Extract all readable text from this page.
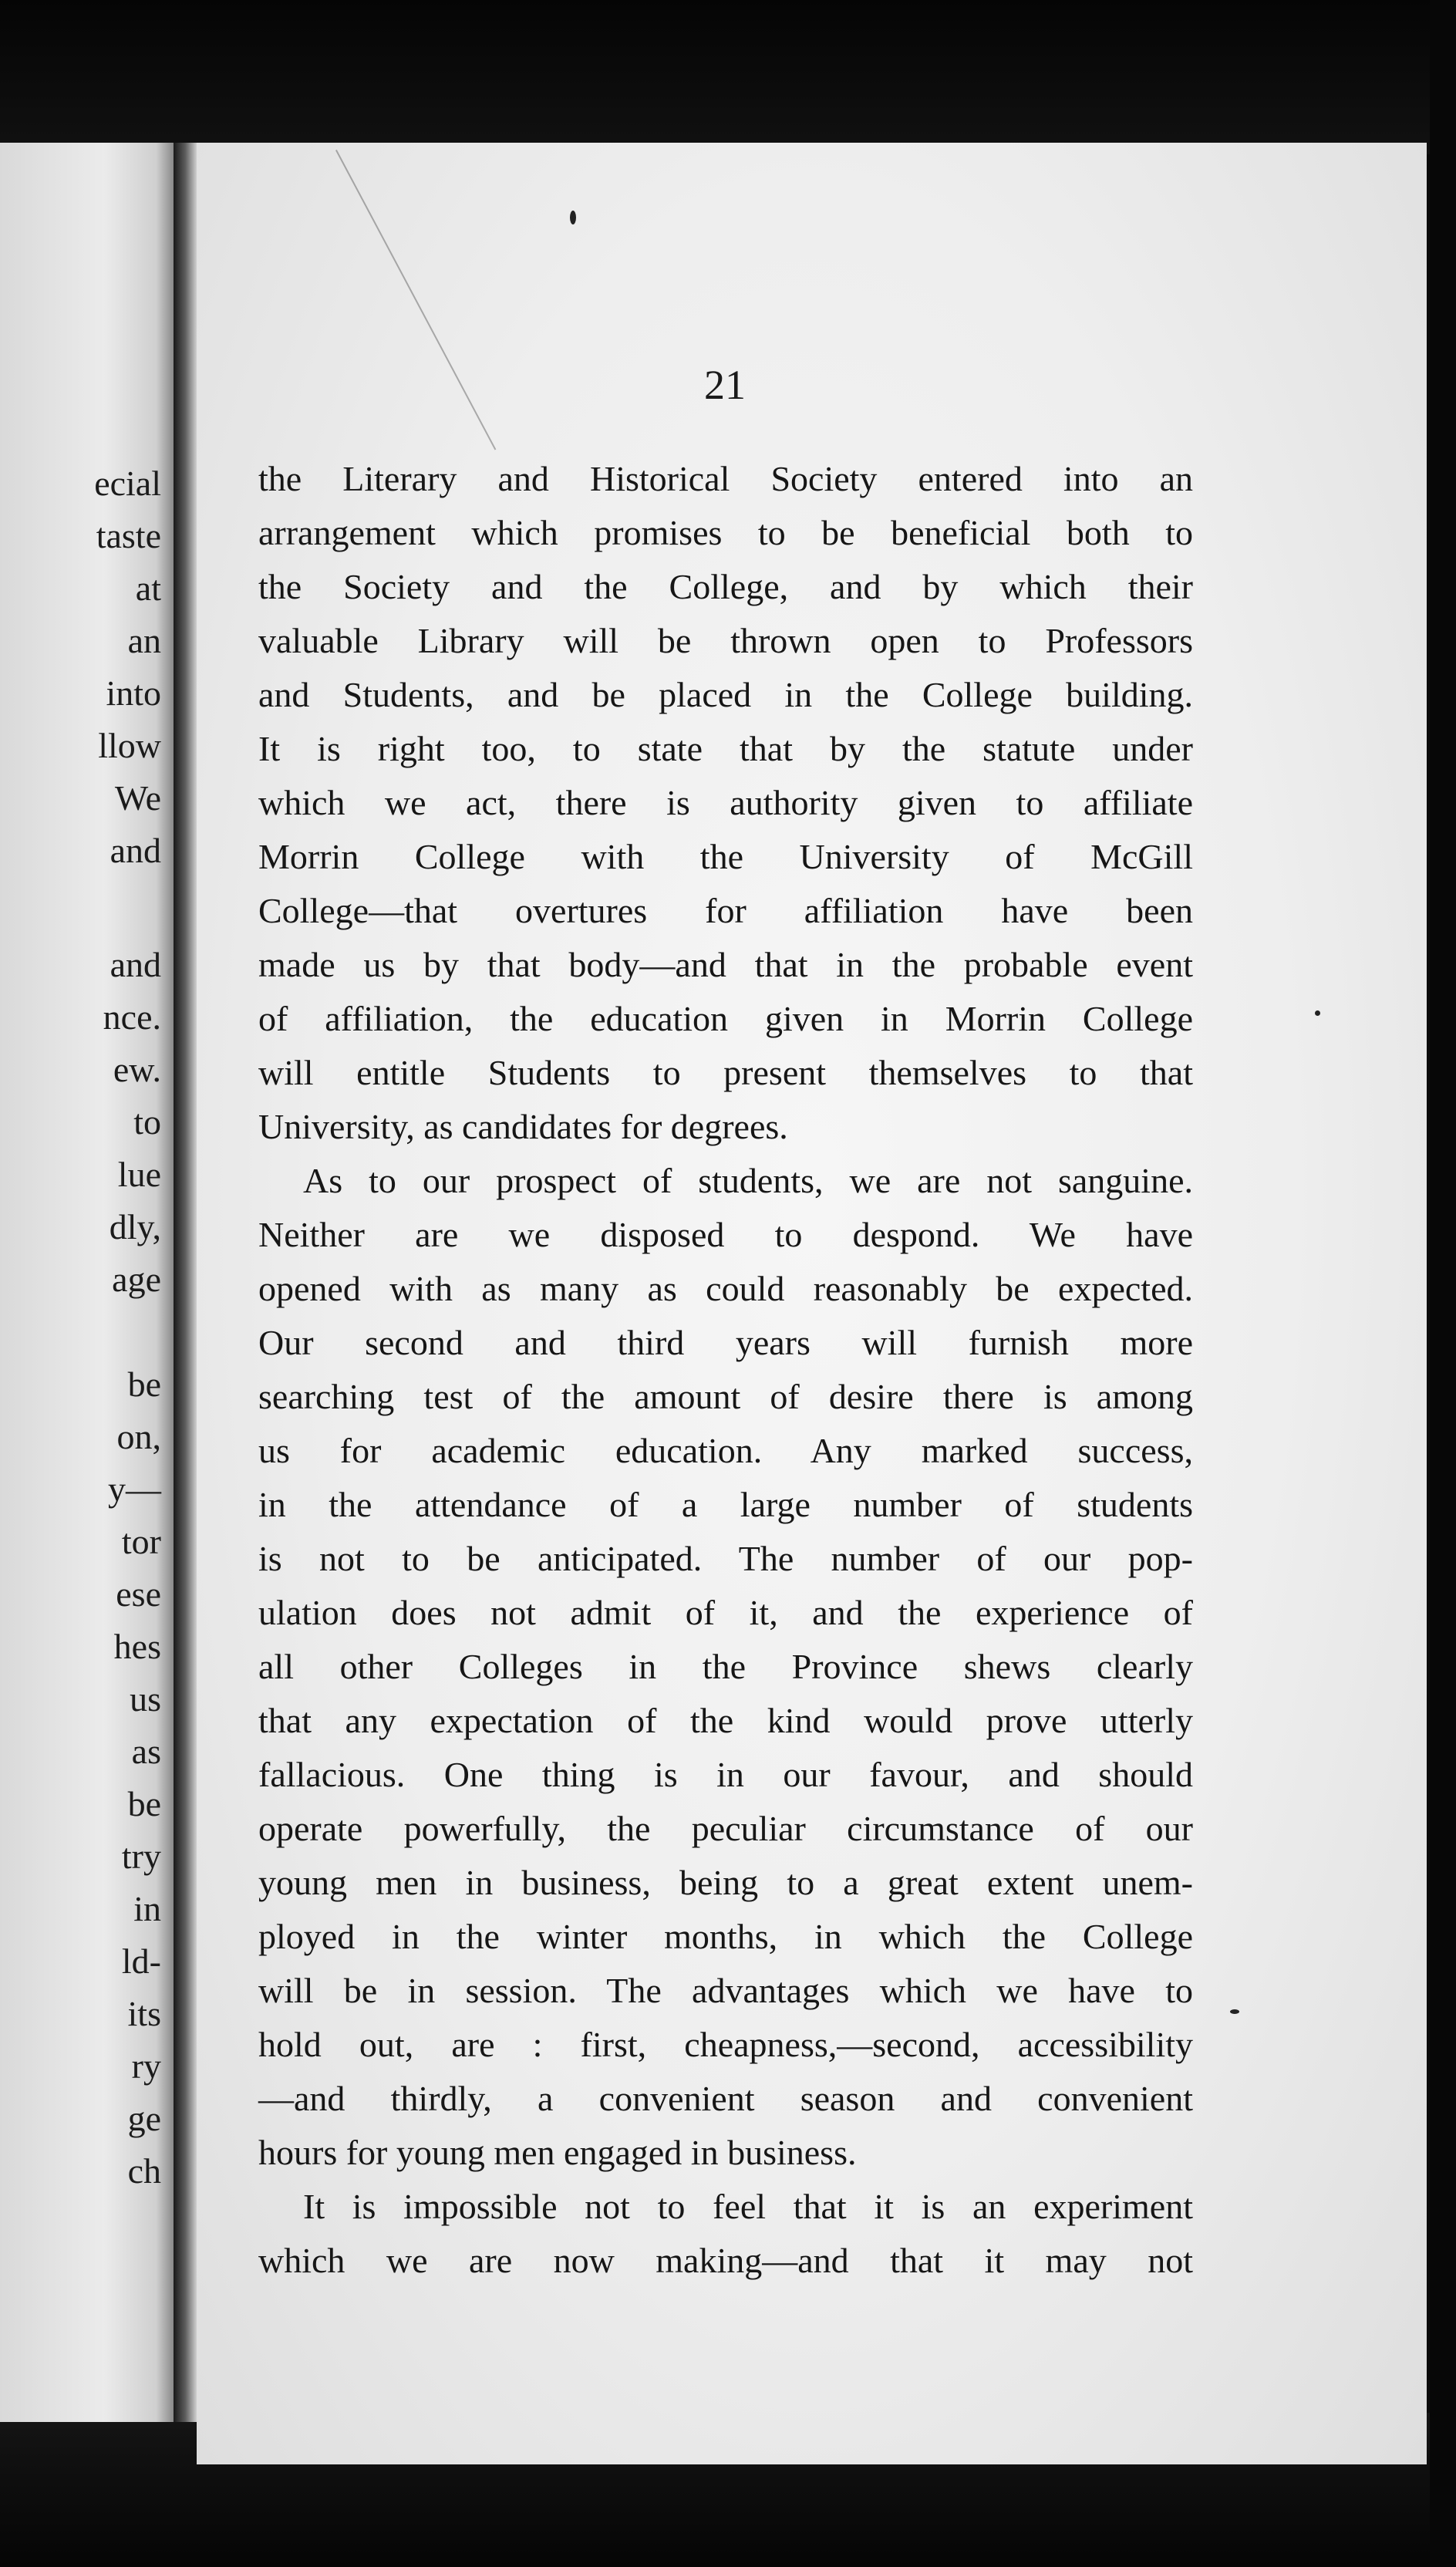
ecial

taste

at

an

into

llow

We

and

and

nce.

ew.

to

lue

dly,

age

be

on,

y—

tor

ese

hes

us

as

be

try

in

ld-

its

ry

ge

ch

21

the Literary and Historical Society entered into an
arrangement which promises to be beneficial both to
the Society and the College, and by which their
valuable Library will be thrown open to Professors
and Students, and be placed in the College building.
It is right too, to state that by the statute under
which we act, there is authority given to affiliate
Morrin College with the University of McGill
College—that overtures for affiliation have been
made us by that body—and that in the probable event
of affiliation, the education given in Morrin College
will entitle Students to present themselves to that
University, as candidates for degrees.
As to our prospect of students, we are not sanguine.
Neither are we disposed to despond. We have
opened with as many as could reasonably be expected.
Our second and third years will furnish more
searching test of the amount of desire there is among
us for academic education. Any marked success,
in the attendance of a large number of students
is not to be anticipated. The number of our pop-
ulation does not admit of it, and the experience of
all other Colleges in the Province shews clearly
that any expectation of the kind would prove utterly
fallacious. One thing is in our favour, and should
operate powerfully, the peculiar circumstance of our
young men in business, being to a great extent unem-
ployed in the winter months, in which the College
will be in session. The advantages which we have to
hold out, are : first, cheapness,—second, accessibility
—and thirdly, a convenient season and convenient
hours for young men engaged in business.
It is impossible not to feel that it is an experiment
which we are now making—and that it may not
